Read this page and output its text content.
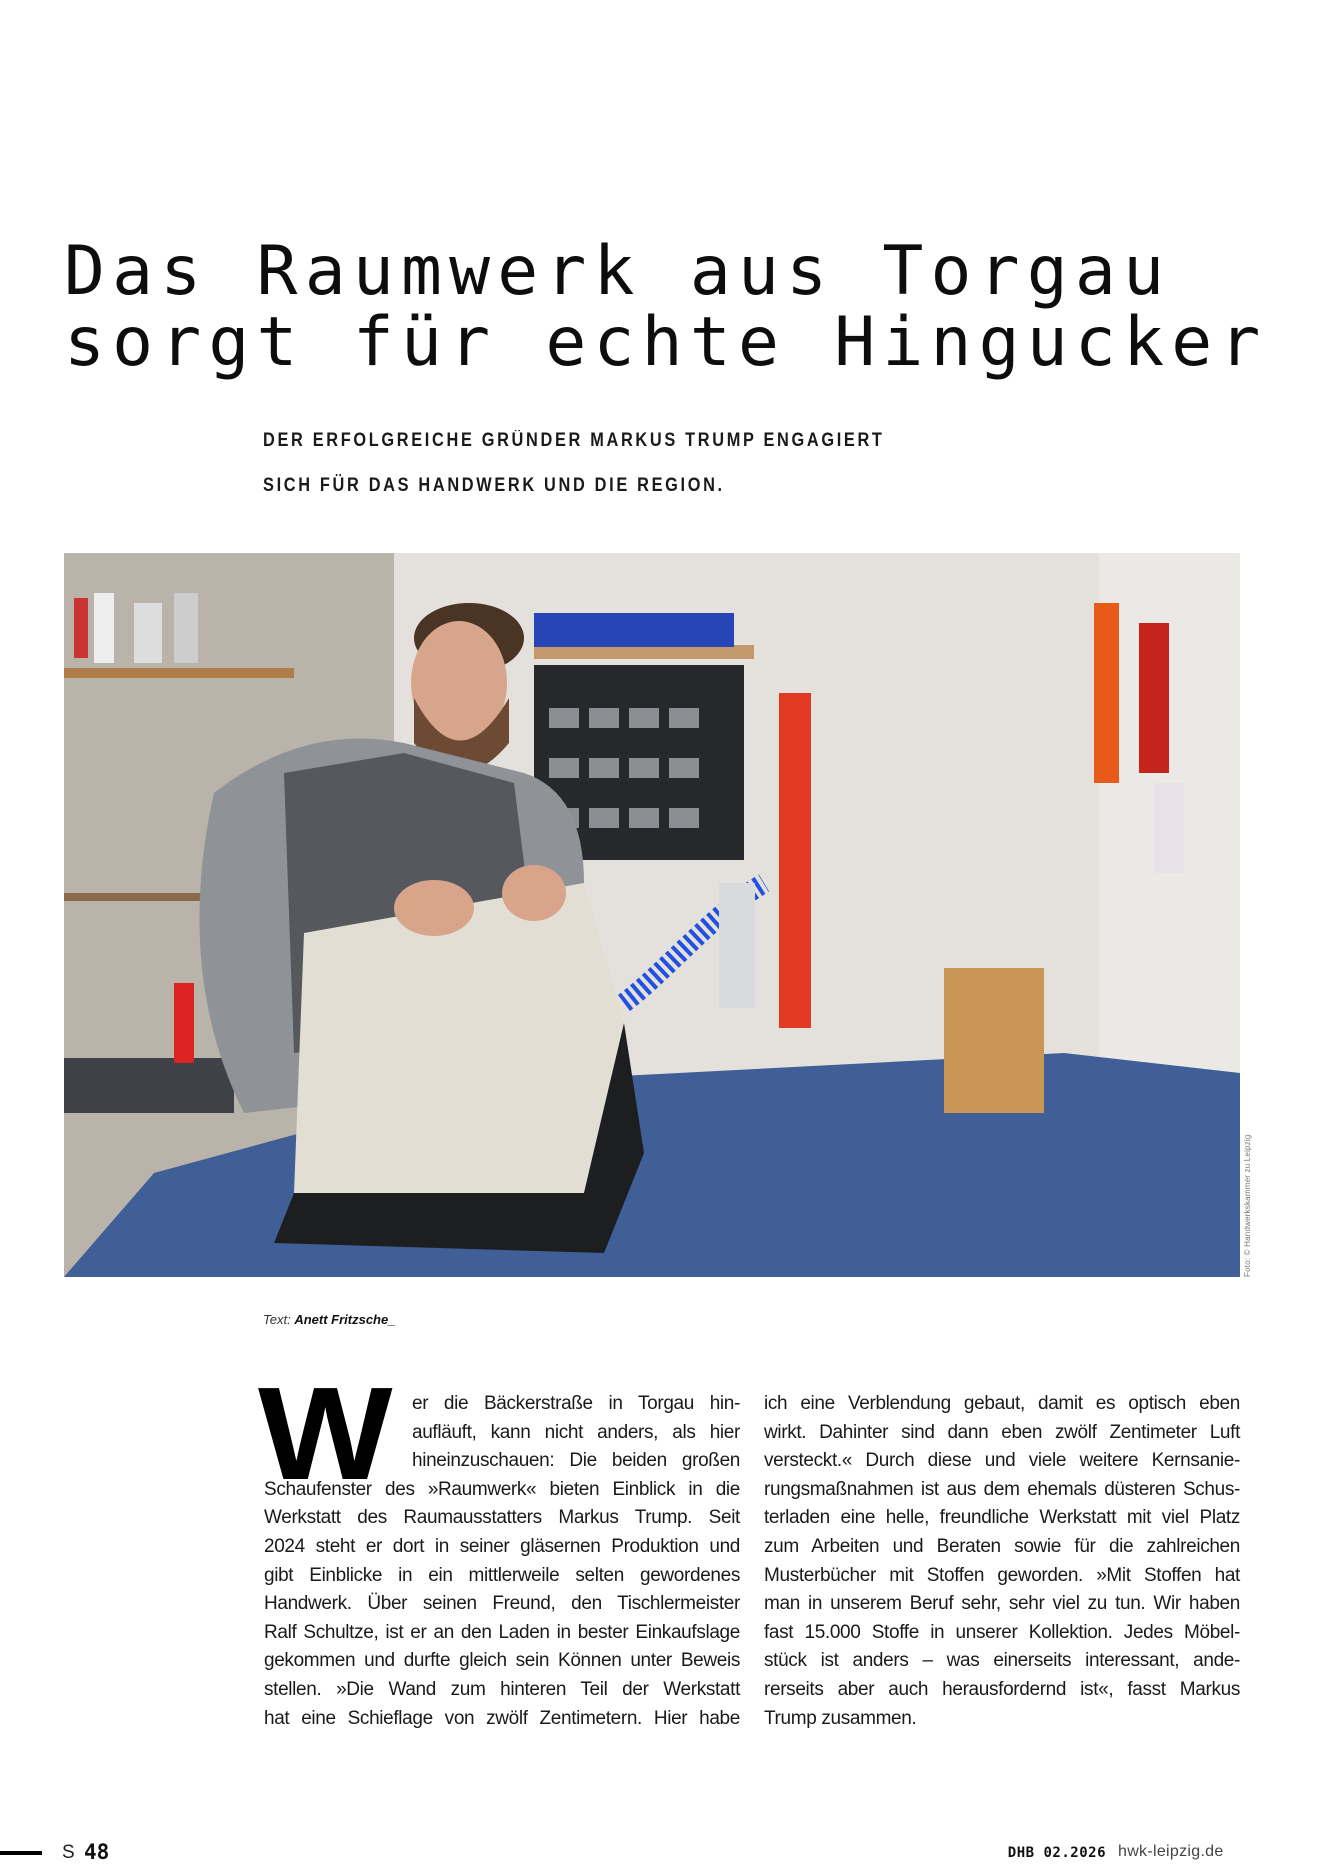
Das Raumwerk aus Torgau
sorgt für echte Hingucker
DER ERFOLGREICHE GRÜNDER MARKUS TRUMP ENGAGIERT
SICH FÜR DAS HANDWERK UND DIE REGION.
Foto: © Handwerkskammer zu Leipzig
Text: Anett Fritzsche_
W er die Bäckerstraße in Torgau hin-
aufläuft, kann nicht anders, als hier
hineinzuschauen: Die beiden großen
Schaufenster des »Raumwerk« bieten Einblick in die
Werkstatt des Raumausstatters Markus Trump. Seit
2024 steht er dort in seiner gläsernen Produktion und
gibt Einblicke in ein mittlerweile selten gewordenes
Handwerk. Über seinen Freund, den Tischlermeister
Ralf Schultze, ist er an den Laden in bester Einkaufslage
gekommen und durfte gleich sein Können unter Beweis
stellen. »Die Wand zum hinteren Teil der Werkstatt
hat eine Schieflage von zwölf Zentimetern. Hier habe
ich eine Verblendung gebaut, damit es optisch eben
wirkt. Dahinter sind dann eben zwölf Zentimeter Luft
versteckt.« Durch diese und viele weitere Kernsanie-
rungsmaßnahmen ist aus dem ehemals düsteren Schus-
terladen eine helle, freundliche Werkstatt mit viel Platz
zum Arbeiten und Beraten sowie für die zahlreichen
Musterbücher mit Stoffen geworden. »Mit Stoffen hat
man in unserem Beruf sehr, sehr viel zu tun. Wir haben
fast 15.000 Stoffe in unserer Kollektion. Jedes Möbel-
stück ist anders – was einerseits interessant, ande-
rerseits aber auch herausfordernd ist«, fasst Markus
Trump zusammen.
S 48	DHB 02.2026 hwk-leipzig.de
